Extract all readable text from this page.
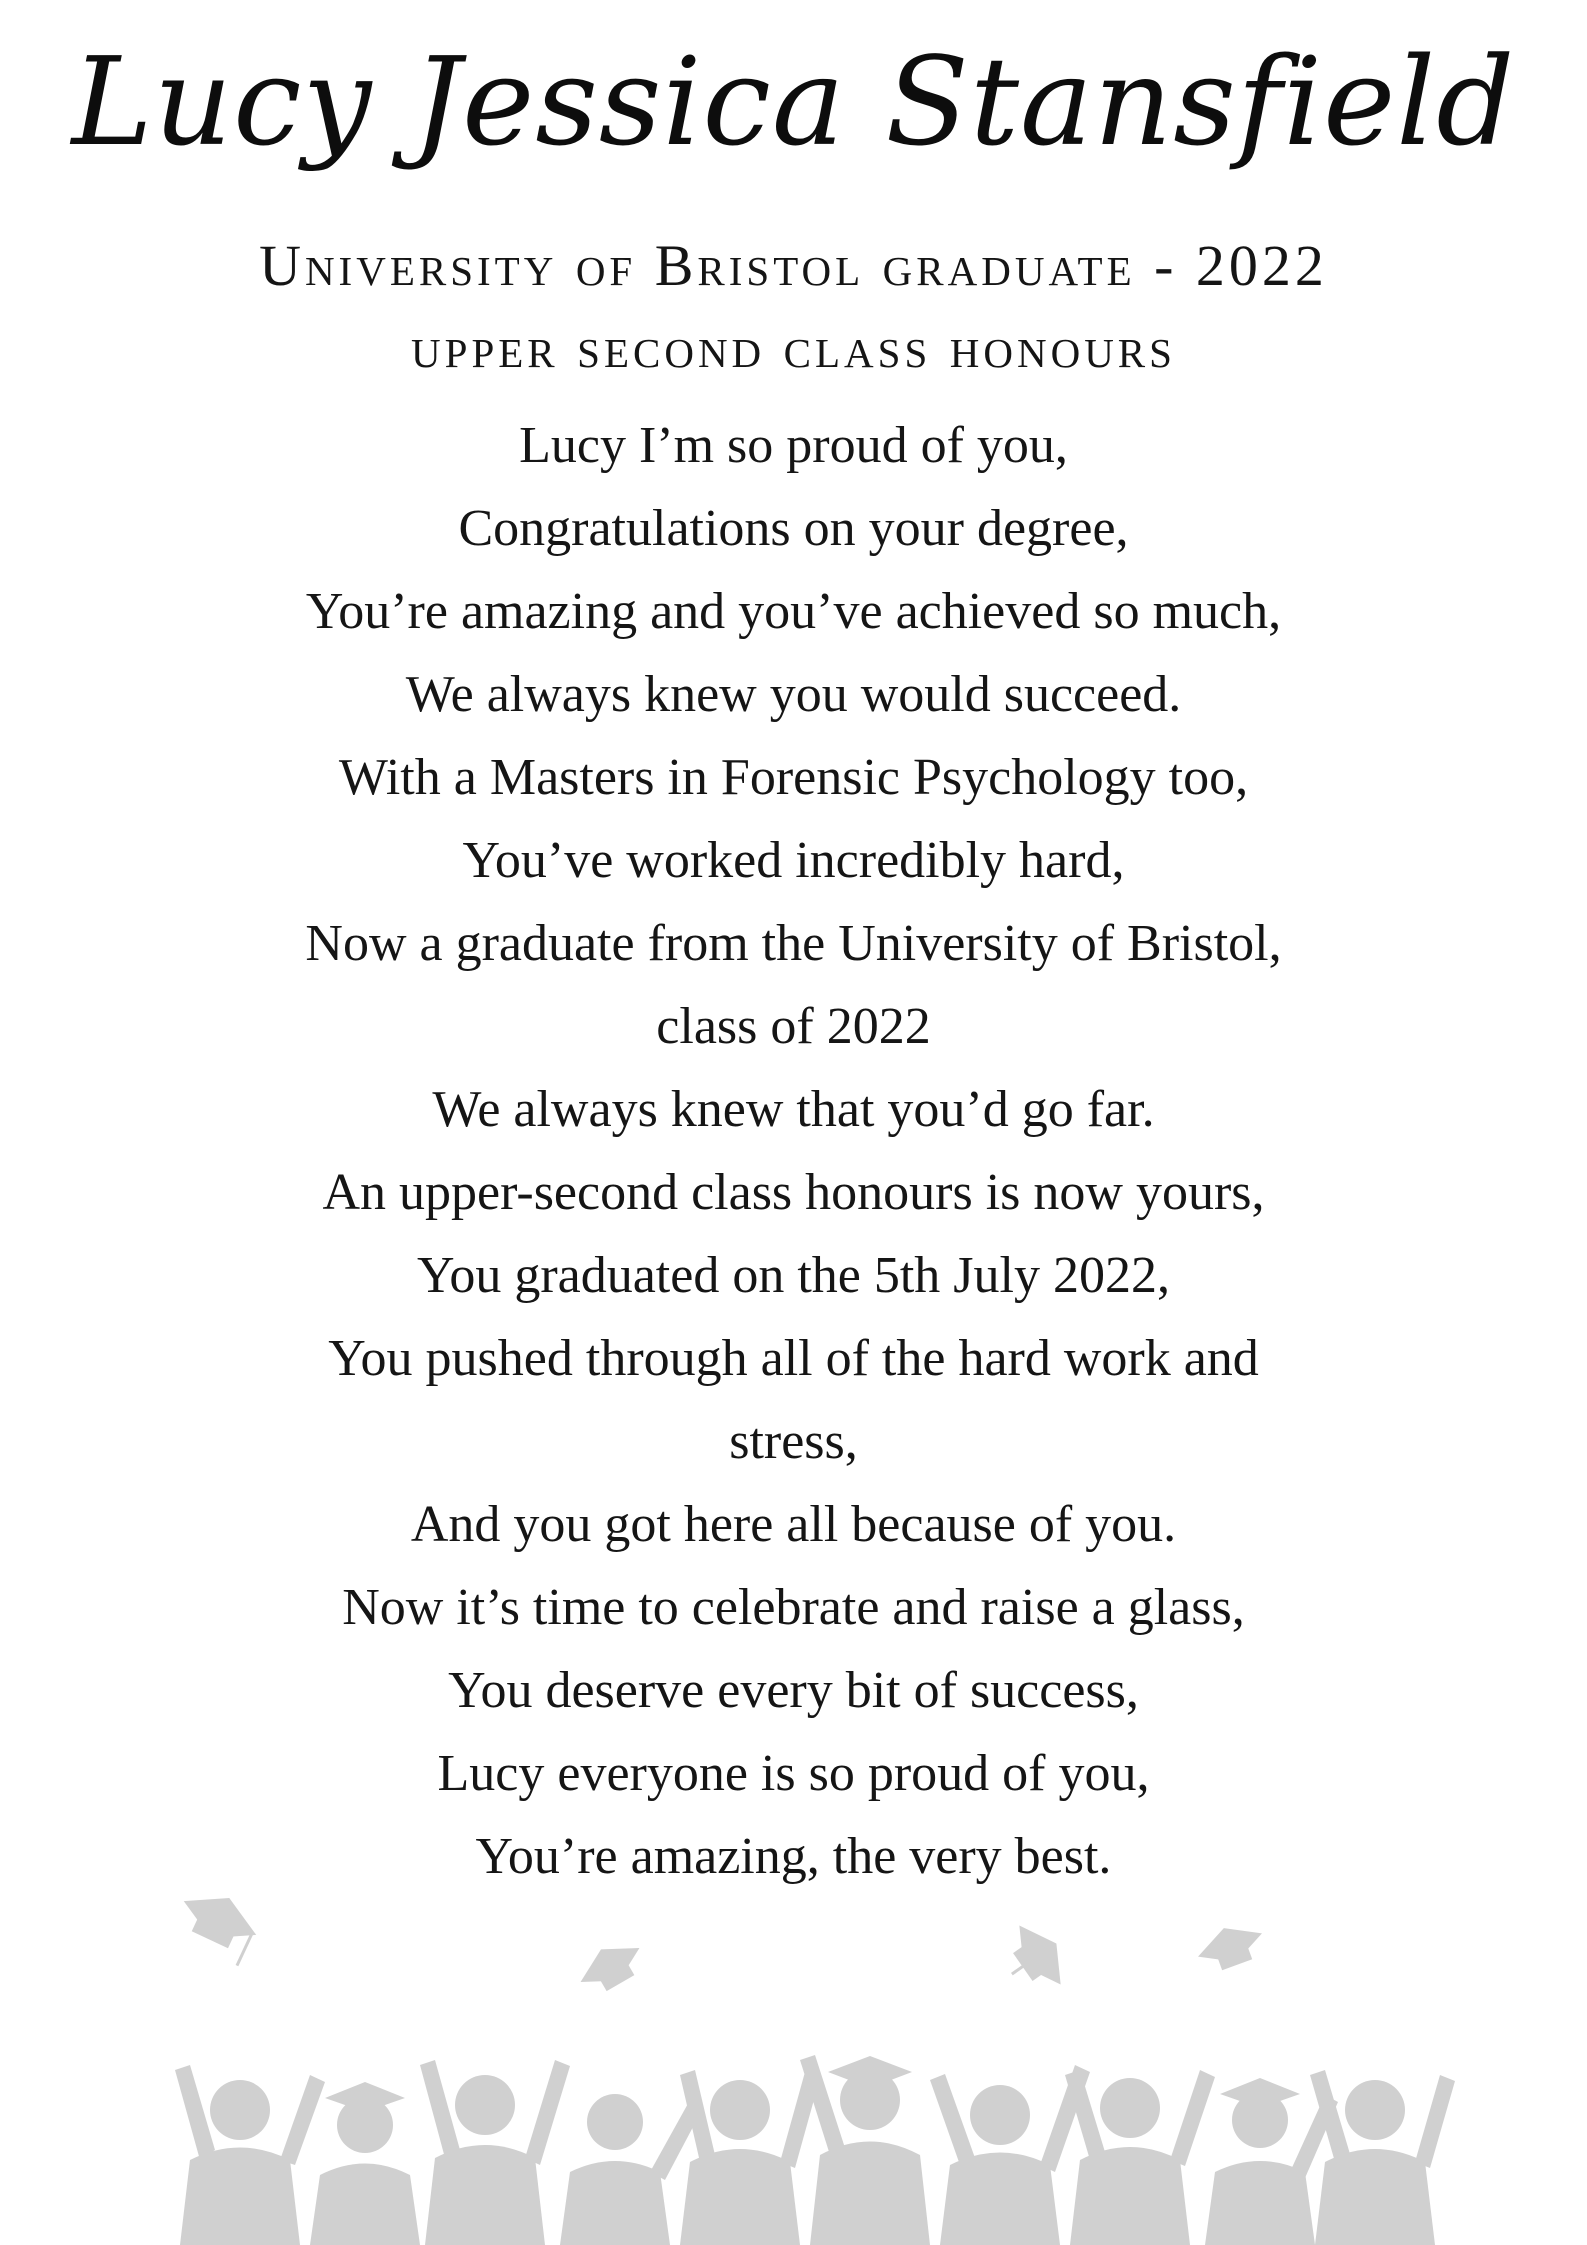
Lucy Jessica Stansfield
University of Bristol graduate - 2022
upper second class honours
Lucy I’m so proud of you,
Congratulations on your degree,
You’re amazing and you’ve achieved so much,
We always knew you would succeed.
With a Masters in Forensic Psychology too,
You’ve worked incredibly hard,
Now a graduate from the University of Bristol,
class of 2022
We always knew that you’d go far.
An upper-second class honours is now yours,
You graduated on the 5th July 2022,
You pushed through all of the hard work and
stress,
And you got here all because of you.
Now it’s time to celebrate and raise a glass,
You deserve every bit of success,
Lucy everyone is so proud of you,
You’re amazing, the very best.
